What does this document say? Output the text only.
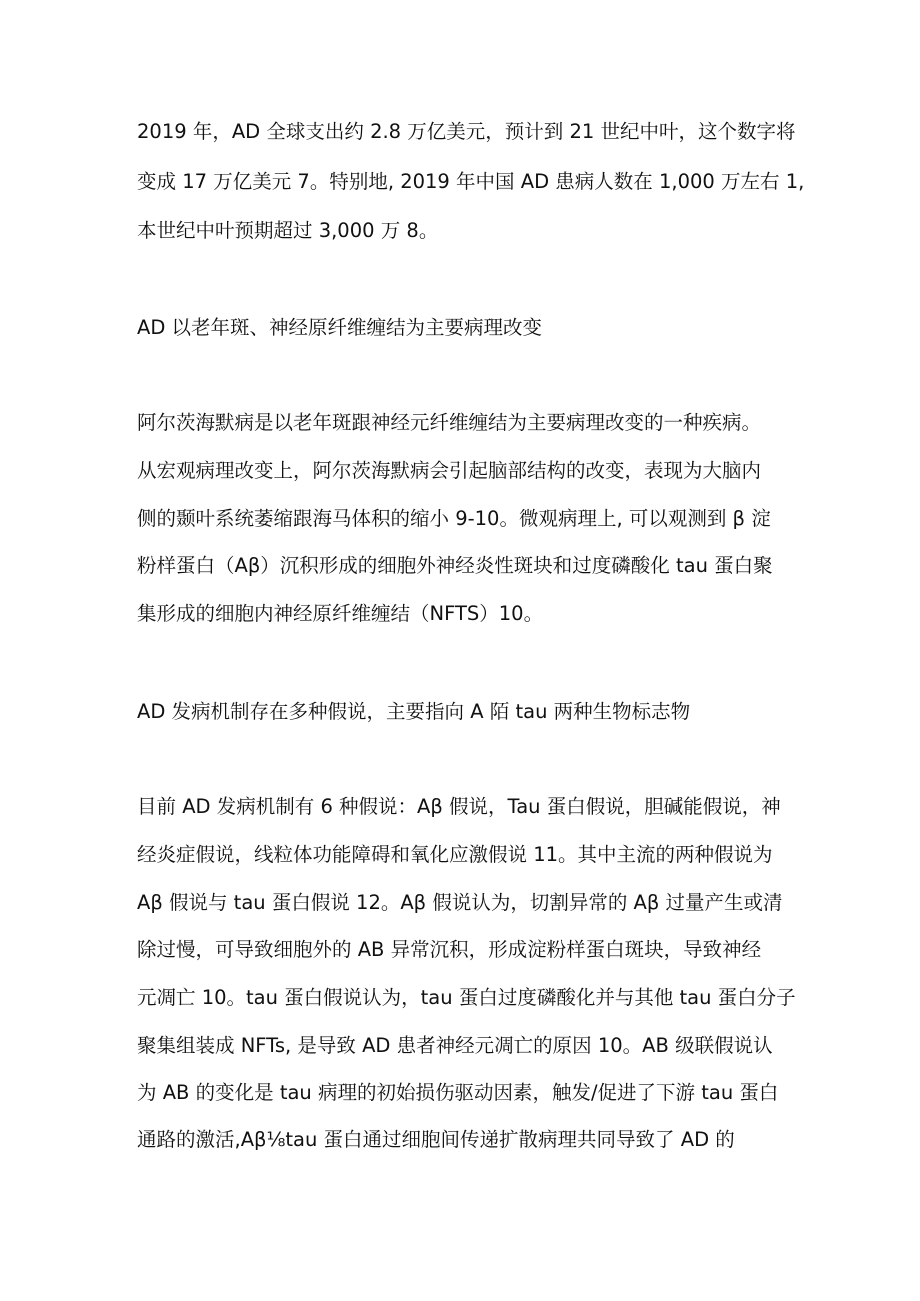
2019 年，AD 全球支出约 2.8 万亿美元，预计到 21 世纪中叶，这个数字将
变成 17 万亿美元 7。特别地, 2019 年中国 AD 患病人数在 1,000 万左右 1,
本世纪中叶预期超过 3,000 万 8。
AD 以老年斑、神经原纤维缠结为主要病理改变
阿尔茨海默病是以老年斑跟神经元纤维缠结为主要病理改变的一种疾病。
从宏观病理改变上，阿尔茨海默病会引起脑部结构的改变，表现为大脑内
侧的颞叶系统萎缩跟海马体积的缩小 9-10。微观病理上, 可以观测到 β 淀
粉样蛋白（Aβ）沉积形成的细胞外神经炎性斑块和过度磷酸化 tau 蛋白聚
集形成的细胞内神经原纤维缠结（NFTS）10。
AD 发病机制存在多种假说，主要指向 A 陌 tau 两种生物标志物
目前 AD 发病机制有 6 种假说：Aβ 假说，Tau 蛋白假说，胆碱能假说，神
经炎症假说，线粒体功能障碍和氧化应激假说 11。其中主流的两种假说为
Aβ 假说与 tau 蛋白假说 12。Aβ 假说认为，切割异常的 Aβ 过量产生或清
除过慢，可导致细胞外的 AB 异常沉积，形成淀粉样蛋白斑块，导致神经
元凋亡 10。tau 蛋白假说认为，tau 蛋白过度磷酸化并与其他 tau 蛋白分子
聚集组装成 NFTs, 是导致 AD 患者神经元凋亡的原因 10。AB 级联假说认
为 AB 的变化是 tau 病理的初始损伤驱动因素，触发/促进了下游 tau 蛋白
通路的激活,Aβ⅛tau 蛋白通过细胞间传递扩散病理共同导致了 AD 的
